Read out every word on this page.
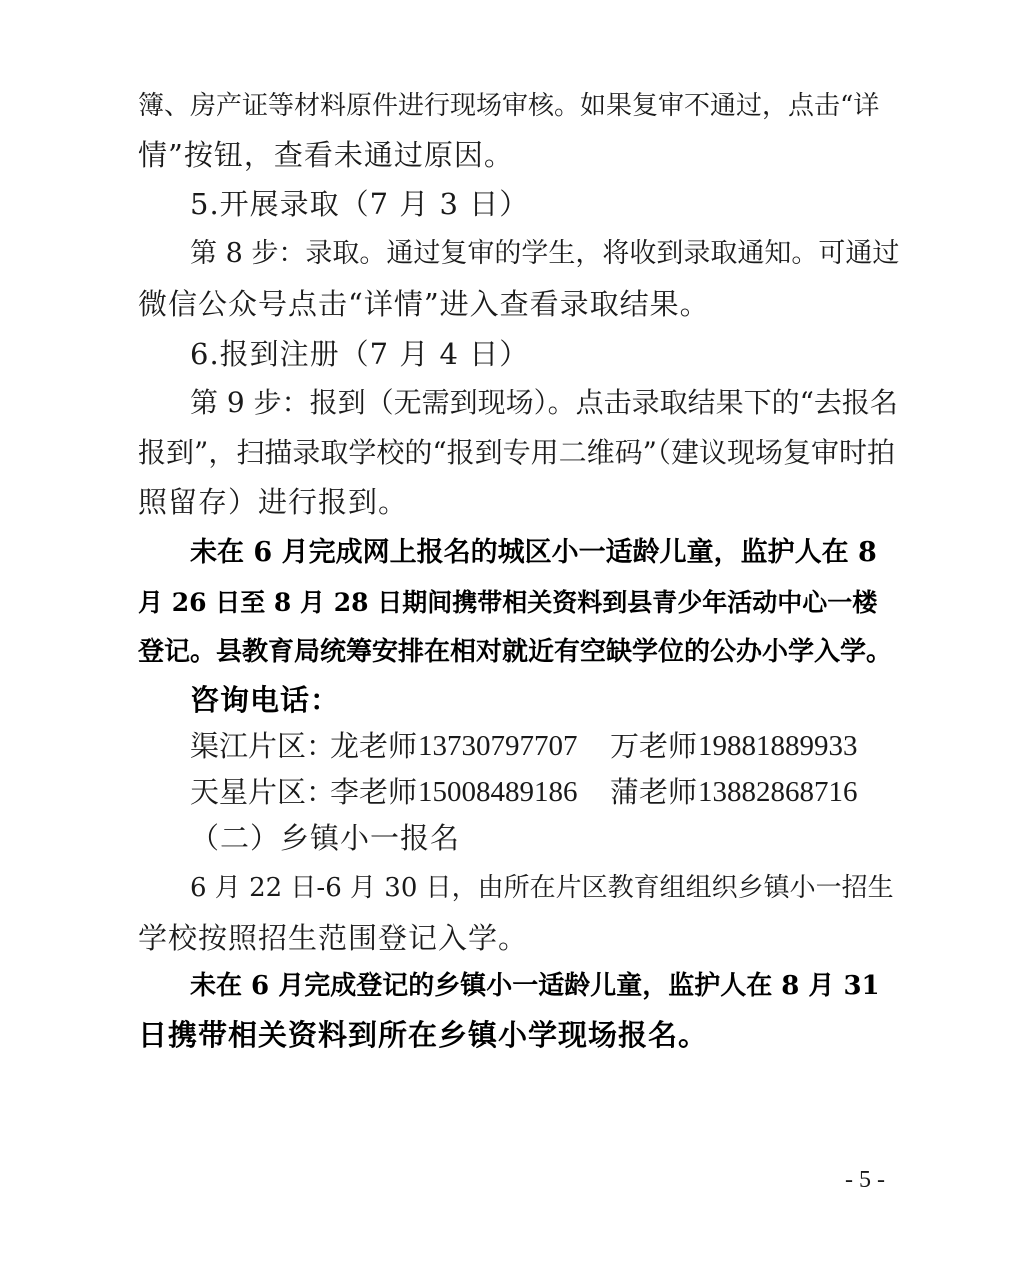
簿、房产证等材料原件进行现场审核。如果复审不通过，点击“详
情”按钮，查看未通过原因。
5.开展录取（7 月 3 日）
第 8 步：录取。通过复审的学生，将收到录取通知。可通过
微信公众号点击“详情”进入查看录取结果。
6.报到注册（7 月 4 日）
第 9 步：报到（无需到现场）。点击录取结果下的“去报名
报到”，扫描录取学校的“报到专用二维码”（建议现场复审时拍
照留存）进行报到。
未在 6 月完成网上报名的城区小一适龄儿童，监护人在 8
月 26 日至 8 月 28 日期间携带相关资料到县青少年活动中心一楼
登记。县教育局统筹安排在相对就近有空缺学位的公办小学入学。
咨询电话：
渠江片区：
龙老师 13730797707 万老师 19881889933
天星片区：
李老师 15008489186 蒲老师 13882868716
（二）乡镇小一报名
6 月 22 日-6 月 30 日，由所在片区教育组组织乡镇小一招生
学校按照招生范围登记入学。
未在 6 月完成登记的乡镇小一适龄儿童，监护人在 8 月 31
日携带相关资料到所在乡镇小学现场报名。
- 5 -
